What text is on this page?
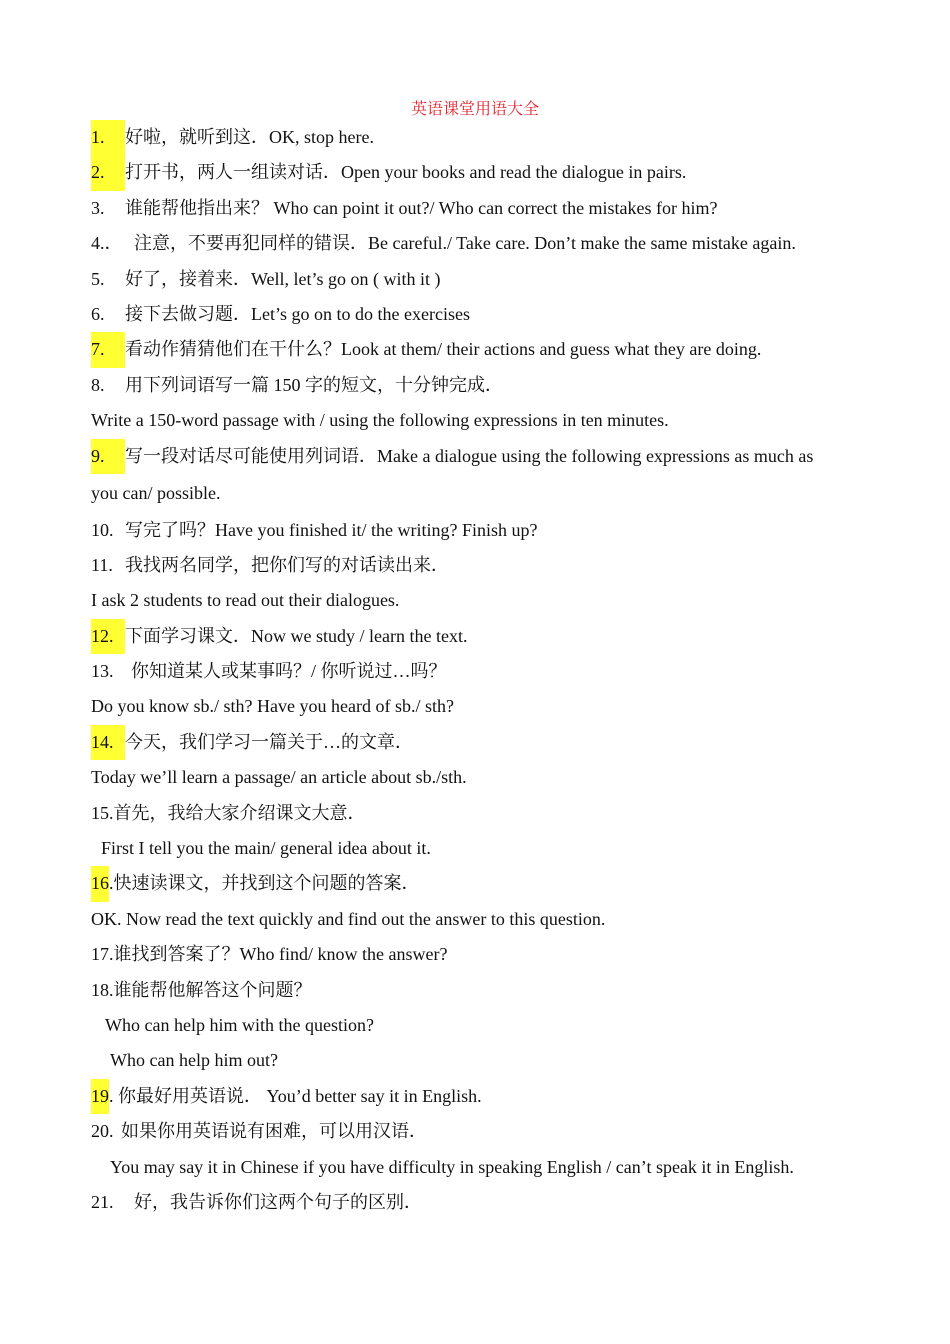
英语课堂用语大全
1. 好啦，就听到这．OK, stop here.
2. 打开书，两人一组读对话．Open your books and read the dialogue in pairs.
3. 谁能帮他指出来？ Who can point it out?/ Who can correct the mistakes for him?
4.． 注意，不要再犯同样的错误．Be careful./ Take care. Don’t make the same mistake again.
5. 好了，接着来．Well, let’s go on ( with it )
6. 接下去做习题．Let’s go on to do the exercises
7. 看动作猜猜他们在干什么？Look at them/ their actions and guess what they are doing.
8. 用下列词语写一篇 150 字的短文，十分钟完成．
Write a 150-word passage with / using the following expressions in ten minutes.
9. 写一段对话尽可能使用列词语．Make a dialogue using the following expressions as much as
you can/ possible.
10. 写完了吗？Have you finished it/ the writing? Finish up?
11. 我找两名同学，把你们写的对话读出来．
I ask 2 students to read out their dialogues.
12. 下面学习课文．Now we study / learn the text.
13. 你知道某人或某事吗？/ 你听说过…吗？
Do you know sb./ sth? Have you heard of sb./ sth?
14. 今天，我们学习一篇关于…的文章．
Today we’ll learn a passage/ an article about sb./sth.
15.首先，我给大家介绍课文大意．
First I tell you the main/ general idea about it.
16.快速读课文，并找到这个问题的答案．
OK. Now read the text quickly and find out the answer to this question.
17.谁找到答案了？Who find/ know the answer?
18.谁能帮他解答这个问题？
Who can help him with the question?
Who can help him out?
19. 你最好用英语说． You’d better say it in English.
20. 如果你用英语说有困难，可以用汉语．
You may say it in Chinese if you have difficulty in speaking English / can’t speak it in English.
21. 好，我告诉你们这两个句子的区别．
